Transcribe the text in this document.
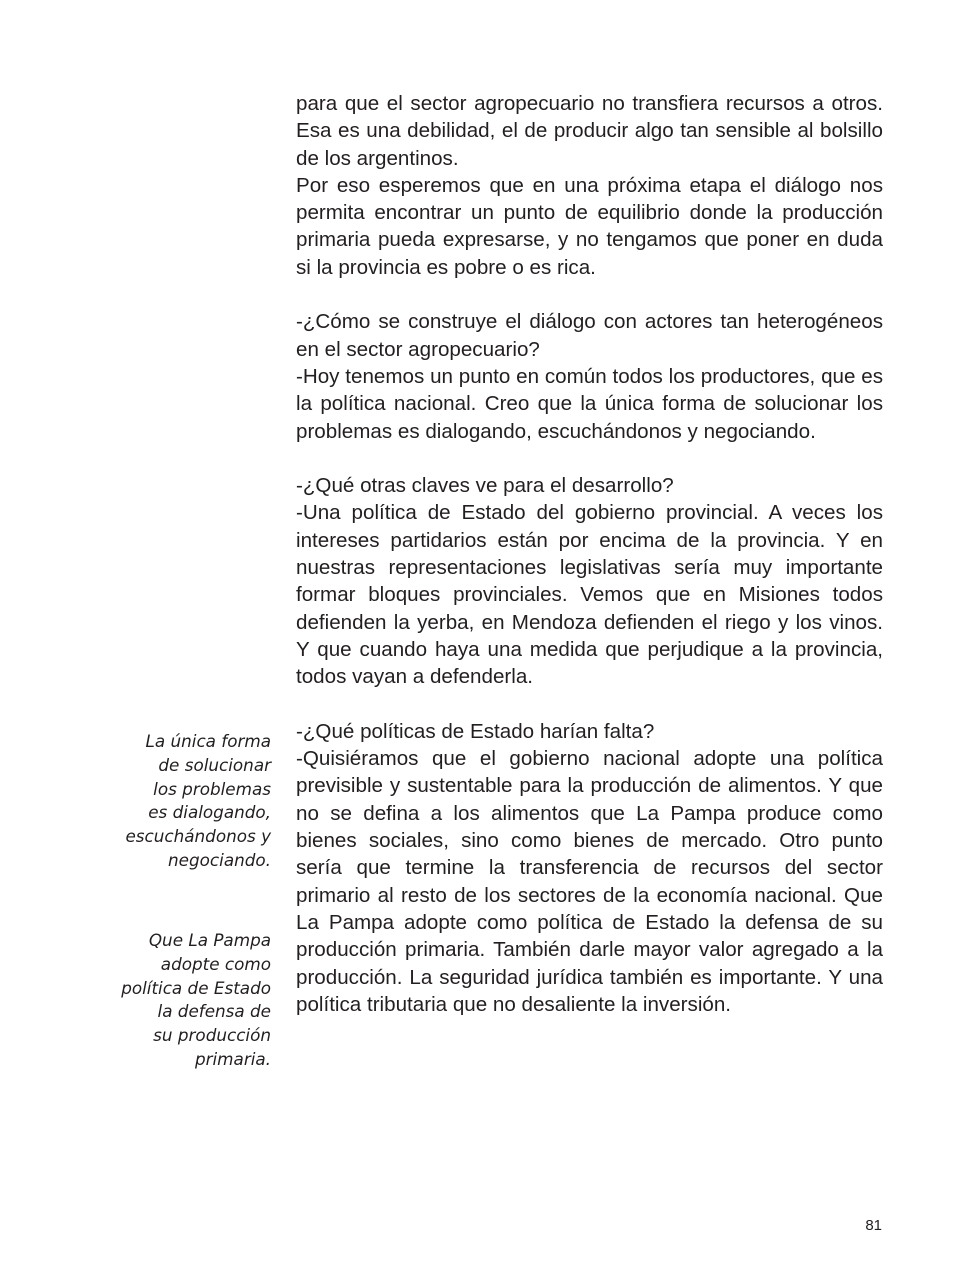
para que el sector agropecuario no transfiera recursos a otros. Esa es una debilidad, el de producir algo tan sensible al bolsillo de los argentinos.

Por eso esperemos que en una próxima etapa el diálogo nos permita encontrar un punto de equilibrio donde la producción primaria pueda expresarse, y no tengamos que poner en duda si la provincia es pobre o es rica.

-¿Cómo se construye el diálogo con actores tan heterogéneos en el sector agropecuario?

-Hoy tenemos un punto en común todos los productores, que es la política nacional. Creo que la única forma de solucionar los problemas es dialogando, escuchándonos y negociando.

-¿Qué otras claves ve para el desarrollo?

-Una política de Estado del gobierno provincial. A veces los intereses partidarios están por encima de la provincia. Y en nuestras representaciones legislativas sería muy importante formar bloques provinciales. Vemos que en Misiones todos defienden la yerba, en Mendoza defienden el riego y los vinos. Y que cuando haya una medida que perjudique a la provincia, todos vayan a defenderla.

-¿Qué políticas de Estado harían falta?

-Quisiéramos que el gobierno nacional adopte una política previsible y sustentable para la producción de alimentos. Y que no se defina a los alimentos que La Pampa produce como bienes sociales, sino como bienes de mercado. Otro punto sería que termine la transferencia de recursos del sector primario al resto de los sectores de la economía nacional. Que La Pampa adopte como política de Estado la defensa de su producción primaria. También darle mayor valor agregado a la producción. La seguridad jurídica también es importante. Y una política tributaria que no desaliente la inversión.

La única forma
de solucionar
los problemas
es dialogando,
escuchándonos y
negociando.
Que La Pampa
adopte como
política de Estado
la defensa de
su producción
primaria.
81
